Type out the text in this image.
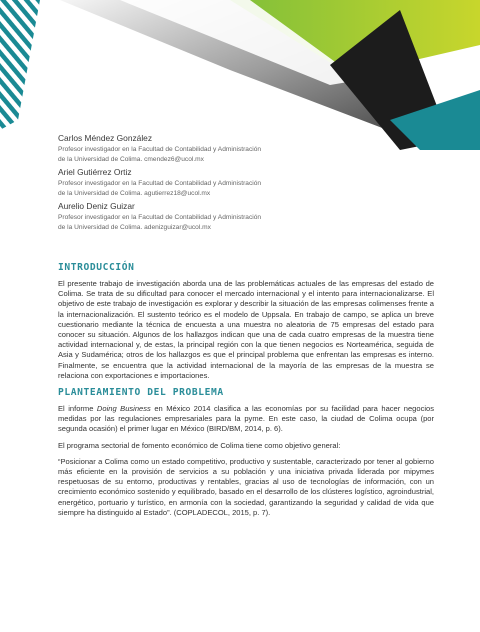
Carlos Méndez González
Profesor investigador en la Facultad de Contabilidad y Administración
de la Universidad de Colima. cmendez6@ucol.mx
Ariel Gutiérrez Ortiz
Profesor investigador en la Facultad de Contabilidad y Administración
de la Universidad de Colima. agutierrez18@ucol.mx
Aurelio Deniz Guizar
Profesor investigador en la Facultad de Contabilidad y Administración
de la Universidad de Colima. adenizguizar@ucol.mx
INTRODUCCIÓN

El presente trabajo de investigación aborda una de las problemáticas actuales de las empresas del estado de Colima. Se trata de su dificultad para conocer el mercado internacional y el intento para internacionalizarse. El objetivo de este trabajo de investigación es explorar y describir la situación de las empresas colimenses frente a la internacionalización. El sustento teórico es el modelo de Uppsala. En trabajo de campo, se aplica un breve cuestionario mediante la técnica de encuesta a una muestra no aleatoria de 75 empresas del estado para conocer su situación. Algunos de los hallazgos indican que una de cada cuatro empresas de la muestra tiene actividad internacional y, de estas, la principal región con la que tienen negocios es Norteamérica, seguida de Asia y Sudamérica; otros de los hallazgos es que el principal problema que enfrentan las empresas es interno. Finalmente, se encuentra que la actividad internacional de la mayoría de las empresas de la muestra se relaciona con exportaciones e importaciones.

PLANTEAMIENTO DEL PROBLEMA

El informe Doing Business en México 2014 clasifica a las economías por su facilidad para hacer negocios medidas por las regulaciones empresariales para la pyme. En este caso, la ciudad de Colima ocupa (por segunda ocasión) el primer lugar en México (BIRD/BM, 2014, p. 6).

El programa sectorial de fomento económico de Colima tiene como objetivo general:

“Posicionar a Colima como un estado competitivo, productivo y sustentable, caracterizado por tener al gobierno más eficiente en la provisión de servicios a su población y una iniciativa privada liderada por mipymes respetuosas de su entorno, productivas y rentables, gracias al uso de tecnologías de información, con un crecimiento económico sostenido y equilibrado, basado en el desarrollo de los clústeres logístico, agroindustrial, energético, portuario y turístico, en armonía con la sociedad, garantizando la seguridad y calidad de vida que siempre ha distinguido al Estado”. (COPLADECOL, 2015, p. 7).
